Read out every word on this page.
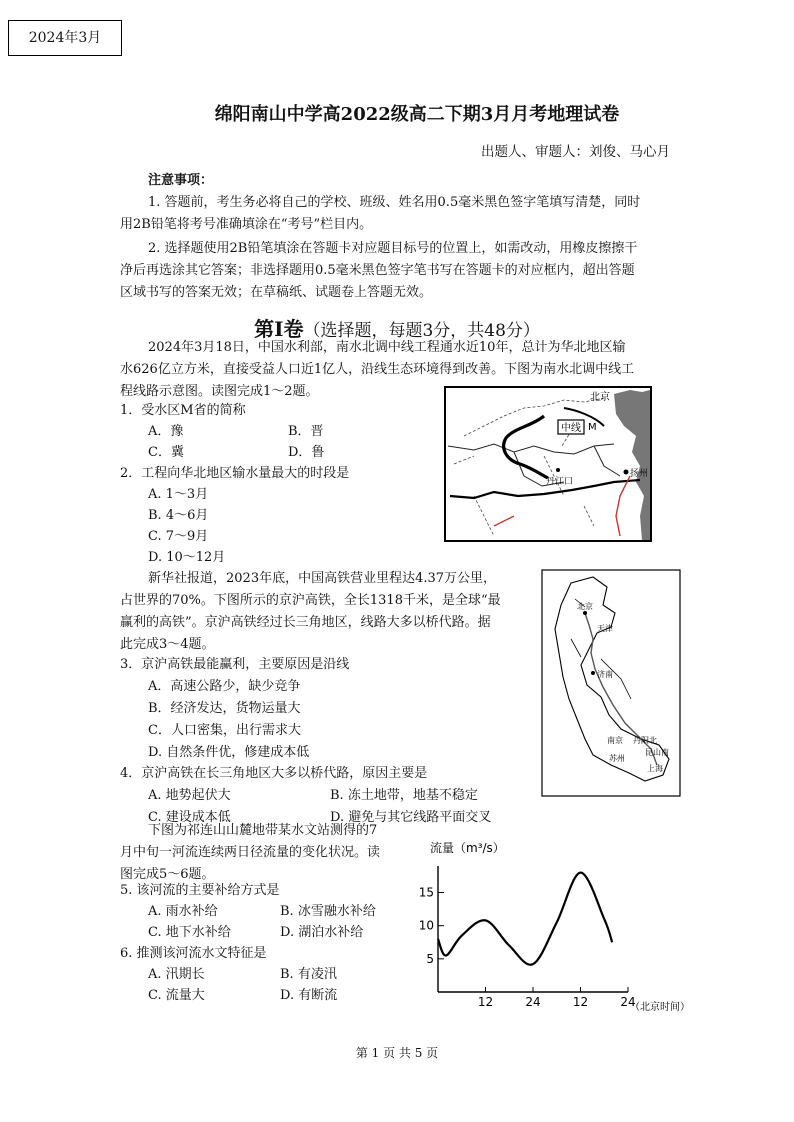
2024年3月
绵阳南山中学高2022级高二下期3月月考地理试卷
出题人、审题人：刘俊、马心月
注意事项：
1. 答题前，考生务必将自己的学校、班级、姓名用0.5毫米黑色签字笔填写清楚，同时
用2B铅笔将考号准确填涂在“考号”栏目内。
2. 选择题使用2B铅笔填涂在答题卡对应题目标号的位置上，如需改动，用橡皮擦擦干
净后再选涂其它答案；非选择题用0.5毫米黑色签字笔书写在答题卡的对应框内，超出答题
区域书写的答案无效；在草稿纸、试题卷上答题无效。
第Ⅰ卷（选择题，每题3分，共48分）
2024年3月18日，中国水利部，南水北调中线工程通水近10年，总计为华北地区输
水626亿立方米，直接受益人口近1亿人，沿线生态环境得到改善。下图为南水北调中线工
程线路示意图。读图完成1～2题。
1．受水区M省的简称
A．豫	B．晋
C．冀	D．鲁
2．工程向华北地区输水量最大的时段是
A. 1～3月
B. 4～6月
C. 7～9月
D. 10～12月
中线
北京
M
丹江口
扬州
新华社报道，2023年底，中国高铁营业里程达4.37万公里，
占世界的70%。下图所示的京沪高铁，全长1318千米，是全球“最
赢利的高铁”。京沪高铁经过长三角地区，线路大多以桥代路。据
此完成3～4题。
3．京沪高铁最能赢利，主要原因是沿线
A．高速公路少，缺少竞争
B．经济发达，货物运量大
C．人口密集，出行需求大
D. 自然条件优，修建成本低
4．京沪高铁在长三角地区大多以桥代路，原因主要是
A. 地势起伏大	B. 冻土地带，地基不稳定
C. 建设成本低	D. 避免与其它线路平面交叉
北京
天津
济南
南京 丹阳北
苏州
昆山南
上海
下图为祁连山山麓地带某水文站测得的7
月中旬一河流连续两日径流量的变化状况。读
图完成5～6题。
5. 该河流的主要补给方式是
A. 雨水补给	B. 冰雪融水补给
C. 地下水补给	D. 湖泊水补给
6. 推测该河流水文特征是
A. 汛期长	B. 有凌汛
C. 流量大	D. 有断流
流量（m³/s）
5
10
15
12	24	12	24
（北京时间）
第 1 页 共 5 页
